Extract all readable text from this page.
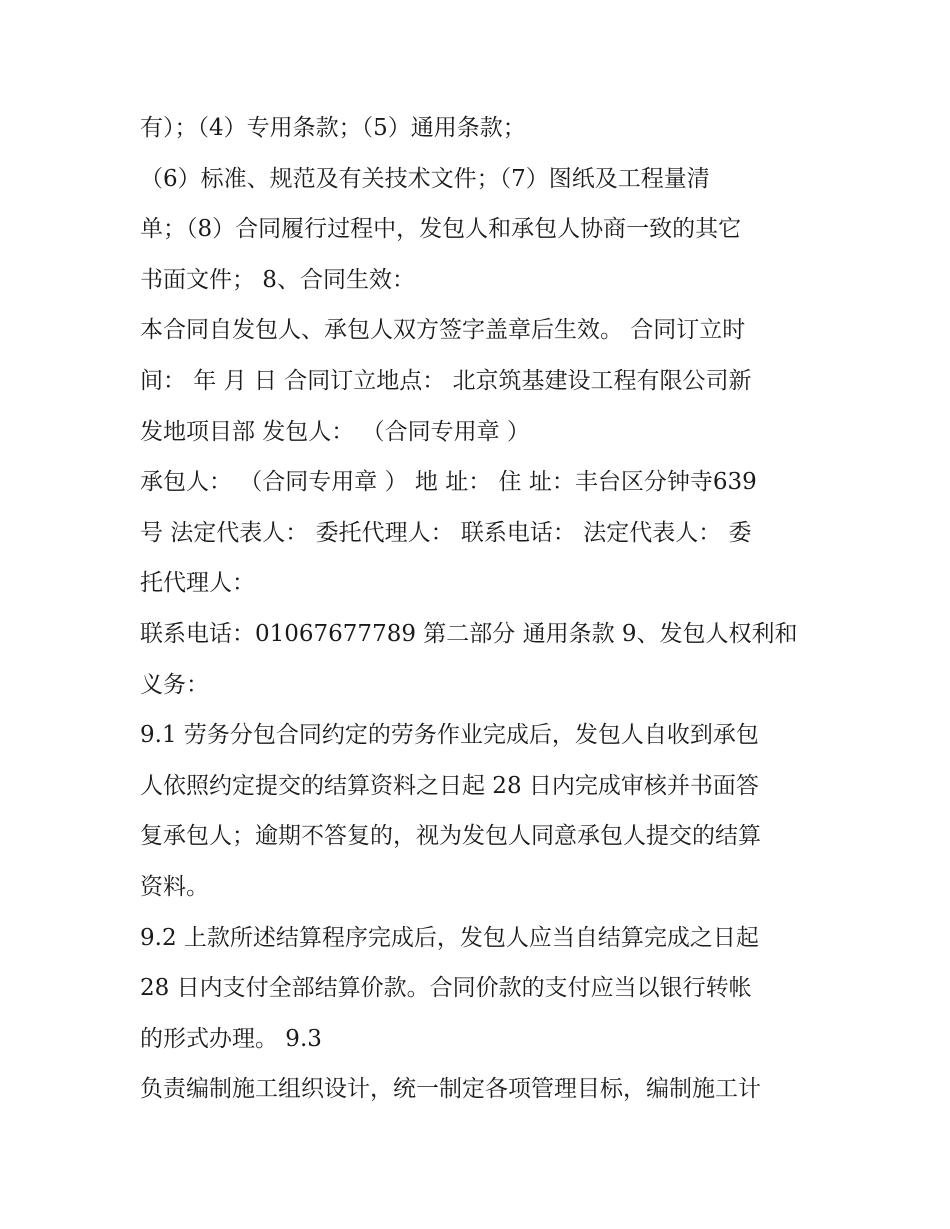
有）；（4）专用条款；（5）通用条款；
（6）标准、规范及有关技术文件；（7）图纸及工程量清
单；（8）合同履行过程中，发包人和承包人协商一致的其它
书面文件； 8、合同生效：
本合同自发包人、承包人双方签字盖章后生效。 合同订立时
间： 年 月 日 合同订立地点： 北京筑基建设工程有限公司新
发地项目部 发包人： （合同专用章 ）
承包人： （合同专用章 ） 地 址： 住 址：丰台区分钟寺639
号 法定代表人： 委托代理人： 联系电话： 法定代表人： 委
托代理人：
联系电话：01067677789 第二部分 通用条款 9、发包人权利和
义务：
9.1 劳务分包合同约定的劳务作业完成后，发包人自收到承包
人依照约定提交的结算资料之日起 28 日内完成审核并书面答
复承包人；逾期不答复的，视为发包人同意承包人提交的结算
资料。
9.2 上款所述结算程序完成后，发包人应当自结算完成之日起
28 日内支付全部结算价款。合同价款的支付应当以银行转帐
的形式办理。 9.3
负责编制施工组织设计，统一制定各项管理目标，编制施工计
